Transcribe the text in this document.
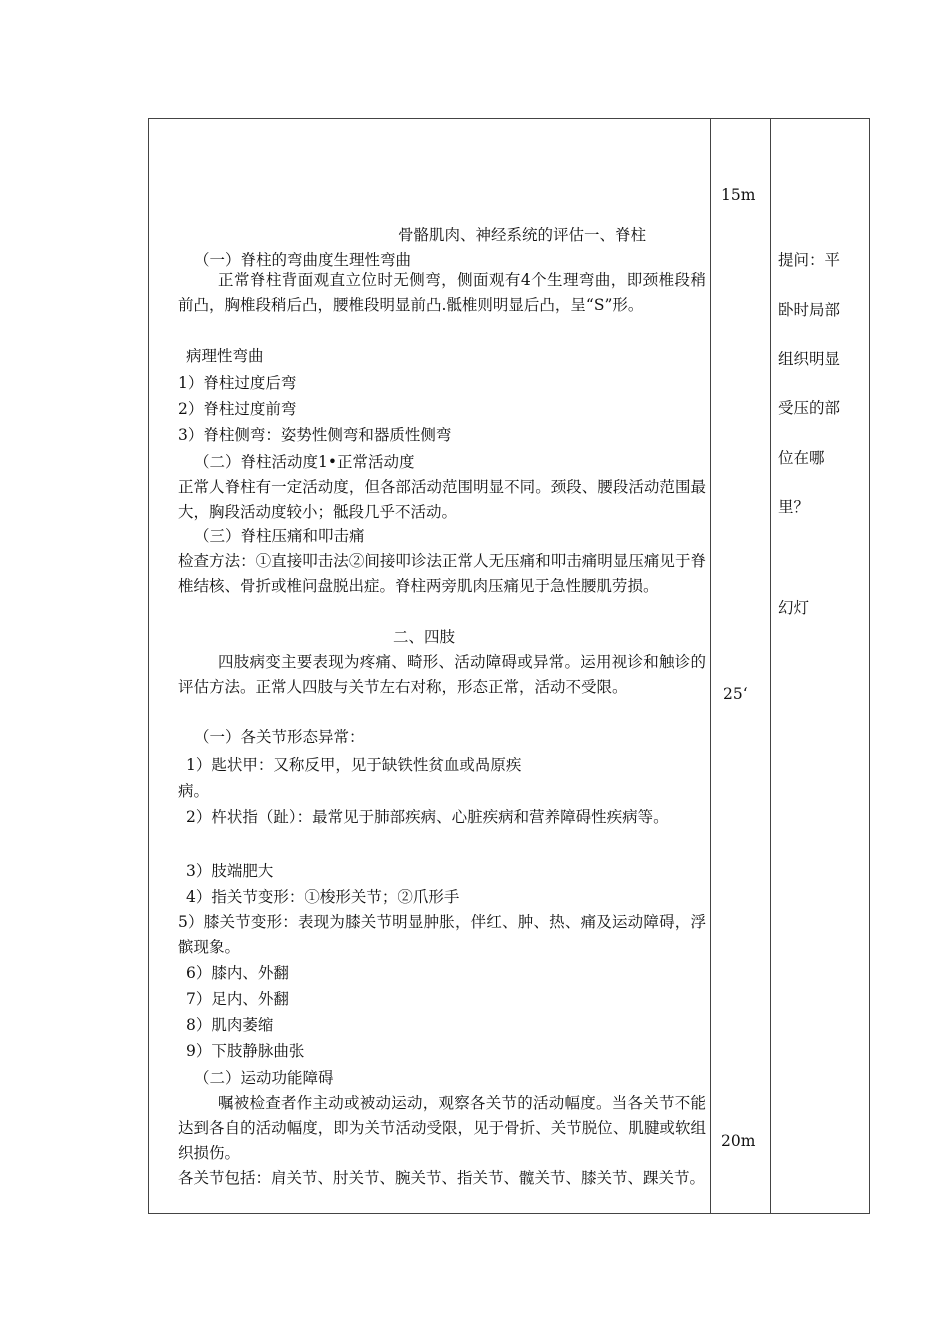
骨骼肌肉、神经系统的评估一、脊柱
（一）脊柱的弯曲度生理性弯曲
正常脊柱背面观直立位时无侧弯，侧面观有4个生理弯曲，即颈椎段稍前凸，胸椎段稍后凸，腰椎段明显前凸.骶椎则明显后凸，呈“S”形。
病理性弯曲
1）脊柱过度后弯
2）脊柱过度前弯
3）脊柱侧弯：姿势性侧弯和器质性侧弯
（二）脊柱活动度1•正常活动度
正常人脊柱有一定活动度，但各部活动范围明显不同。颈段、腰段活动范围最大，胸段活动度较小；骶段几乎不活动。
（三）脊柱压痛和叩击痛
检查方法：①直接叩击法②间接叩诊法正常人无压痛和叩击痛明显压痛见于脊椎结核、骨折或椎问盘脱出症。脊柱两旁肌肉压痛见于急性腰肌劳损。
二、四肢
四肢病变主要表现为疼痛、畸形、活动障碍或异常。运用视诊和触诊的评估方法。正常人四肢与关节左右对称，形态正常，活动不受限。
（一）各关节形态异常：
1）匙状甲：又称反甲，见于缺铁性贫血或咼原疾
病。
2）杵状指（趾）：最常见于肺部疾病、心脏疾病和营养障碍性疾病等。
3）肢端肥大
4）指关节变形：①梭形关节；②爪形手
5）膝关节变形：表现为膝关节明显肿胀，伴红、肿、热、痛及运动障碍，浮髌现象。
6）膝内、外翻
7）足内、外翻
8）肌肉萎缩
9）下肢静脉曲张
（二）运动功能障碍
嘱被检查者作主动或被动运动，观察各关节的活动幅度。当各关节不能达到各自的活动幅度，即为关节活动受限，见于骨折、关节脱位、肌腱或软组织损伤。
各关节包括：肩关节、肘关节、腕关节、指关节、髋关节、膝关节、踝关节。
15m
25‘
20m
提问：平
卧时局部
组织明显
受压的部
位在哪
里？
幻灯
